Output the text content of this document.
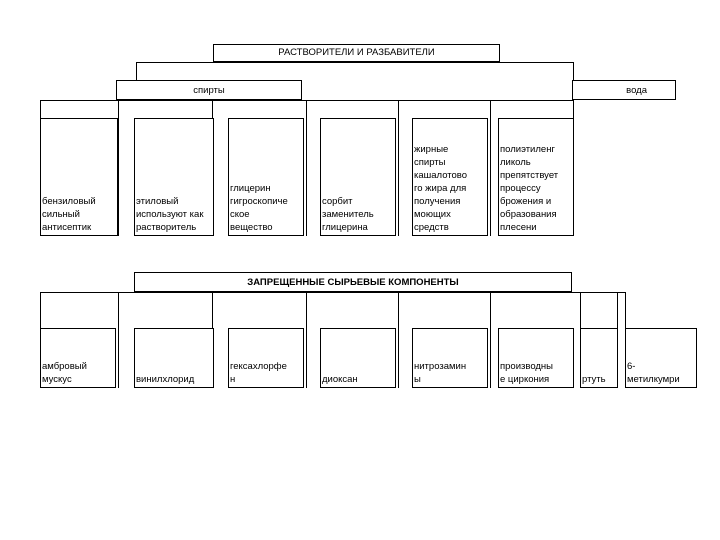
РАСТВОРИТЕЛИ И РАЗБАВИТЕЛИ
спирты	вода
бензиловый
сильный
антисептик
этиловый
используют как
растворитель
глицерин
гигроскопиче
ское
вещество
сорбит
заменитель
глицерина
жирные
спирты
кашалотово
го жира для
получения
моющих
средств
полиэтиленг
ликоль
препятствует
процессу
брожения и
образования
плесени
ЗАПРЕЩЕННЫЕ СЫРЬЕВЫЕ КОМПОНЕНТЫ
амбровый
мускус	винилхлорид
гексахлорфе
н	диоксан
нитрозамин
ы
производны
е циркония	ртуть
6-
метилкумри
